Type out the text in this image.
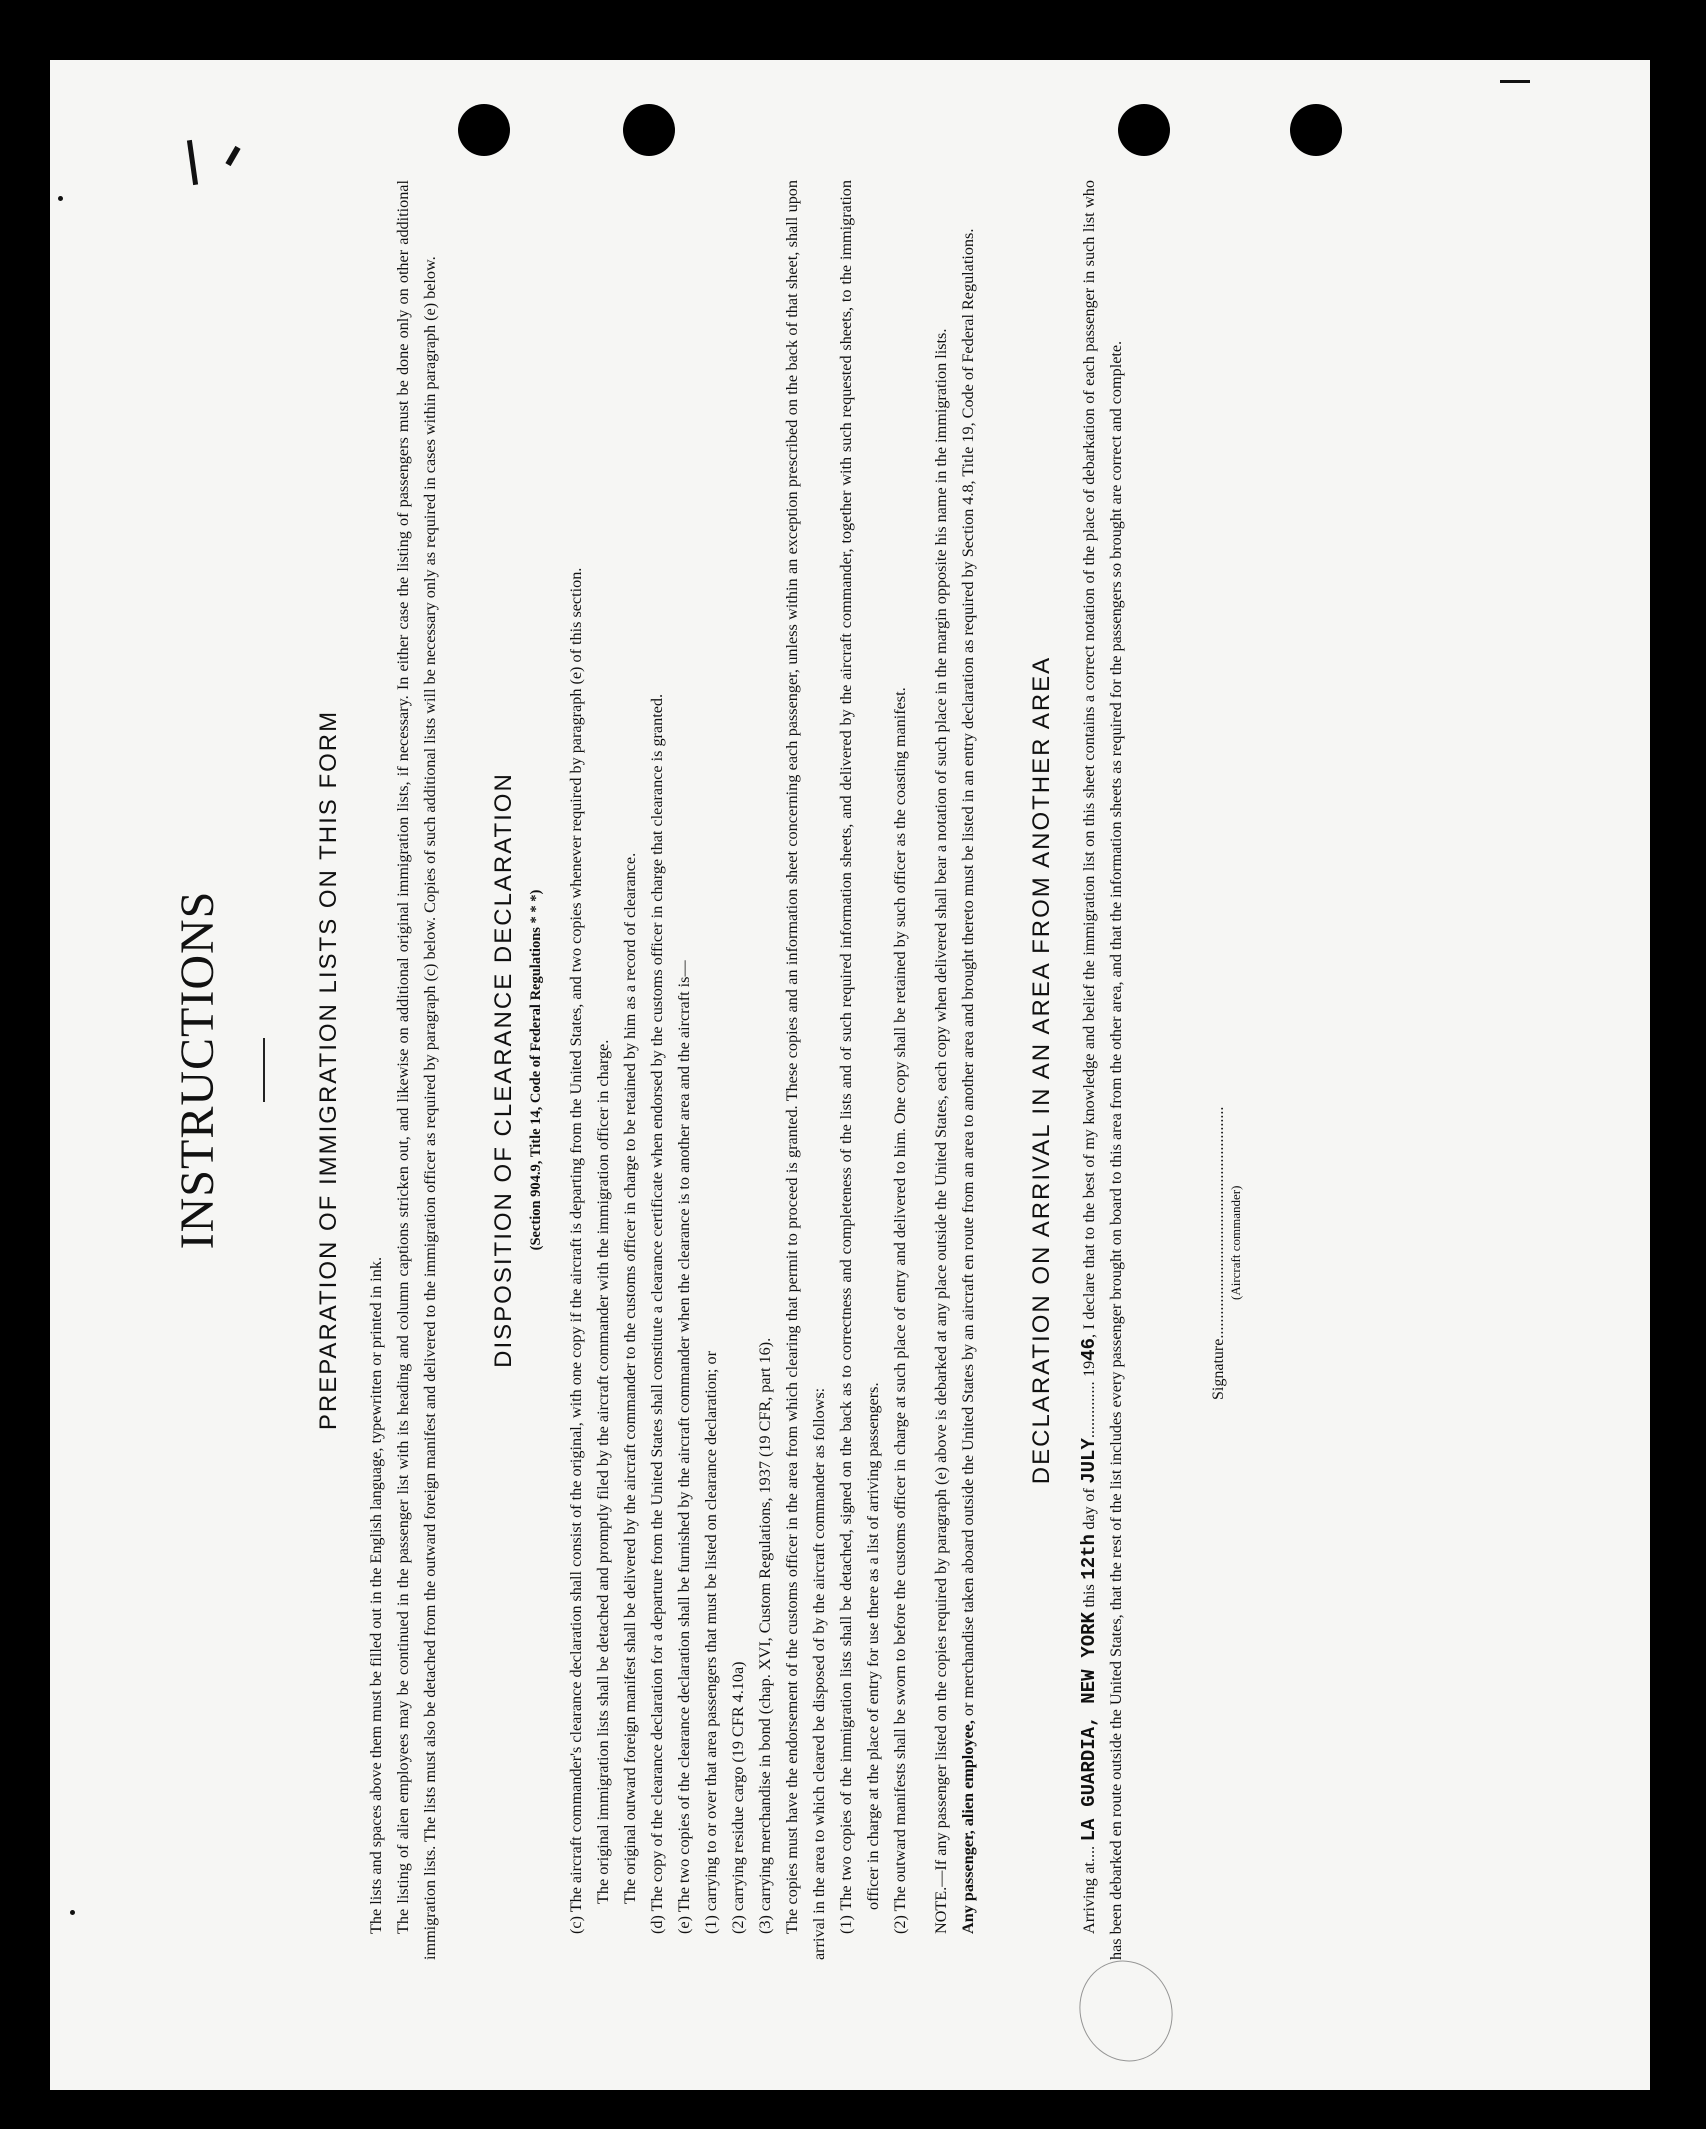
INSTRUCTIONS	PREPARATION OF IMMIGRATION LISTS ON THIS FORM

The lists and spaces above them must be filled out in the English language, typewritten or printed in ink. The listing of alien employees may be continued in the passenger list with its heading and column captions stricken out, and likewise on additional original immigration lists, if necessary. In either case the listing of passengers must be done only on other additional immigration lists. The lists must also be detached from the outward foreign manifest and delivered to the immigration officer as required by paragraph (c) below. Copies of such additional lists will be necessary only as required in cases within paragraph (e) below. DISPOSITION OF CLEARANCE DECLARATION (Section 904.9, Title 14, Code of Federal Regulations * * *) (c) The aircraft commander's clearance declaration shall consist of the original, with one copy if the aircraft is departing from the United States, and two copies whenever required by paragraph (e) of this section. The original immigration lists shall be detached and promptly filed by the aircraft commander with the immigration officer in charge. The original outward foreign manifest shall be delivered by the aircraft commander to the customs officer in charge to be retained by him as a record of clearance. (d) The copy of the clearance declaration for a departure from the United States shall constitute a clearance certificate when endorsed by the customs officer in charge that clearance is granted. (e) The two copies of the clearance declaration shall be furnished by the aircraft commander when the clearance is to another area and the aircraft is— (1) carrying to or over that area passengers that must be listed on clearance declaration; or (2) carrying residue cargo (19 CFR 4.10a) (3) carrying merchandise in bond (chap. XVI, Custom Regulations, 1937 (19 CFR, part 16). The copies must have the endorsement of the customs officer in the area from which clearing that permit to proceed is granted. These copies and an information sheet concerning each passenger, unless within an exception prescribed on the back of that sheet, shall upon arrival in the area to which cleared be disposed of by the aircraft commander as follows: (1) The two copies of the immigration lists shall be detached, signed on the back as to correctness and completeness of the lists and of such required information sheets, and delivered by the aircraft commander, together with such requested sheets, to the immigration officer in charge at the place of entry for use there as a list of arriving passengers. (2) The outward manifests shall be sworn to before the customs officer in charge at such place of entry and delivered to him. One copy shall be retained by such officer as the coasting manifest.	NOTE.—If any passenger listed on the copies required by paragraph (e) above is debarked at any place outside the United States, each copy when delivered shall bear a notation of such place in the margin opposite his name in the immigration lists. Any passenger, alien employee, or merchandise taken aboard outside the United States by an aircraft en route from an area to another area and brought thereto must be listed in an entry declaration as required by Section 4.8, Title 19, Code of Federal Regulations. DECLARATION ON ARRIVAL IN AN AREA FROM ANOTHER AREA

Arriving at.... LA GUARDIA, NEW YORK this 12th day of JULY.............. 1946, I declare that to the best of my knowledge and belief the immigration list on this sheet contains a correct notation of the place of debarkation of each passenger in such list who has been debarked en route outside the United States, that the rest of the list includes every passenger brought on board to this area from the other area, and that the information sheets as required for the passengers so brought are correct and complete.	Signature.......................................................... (Aircraft commander)
